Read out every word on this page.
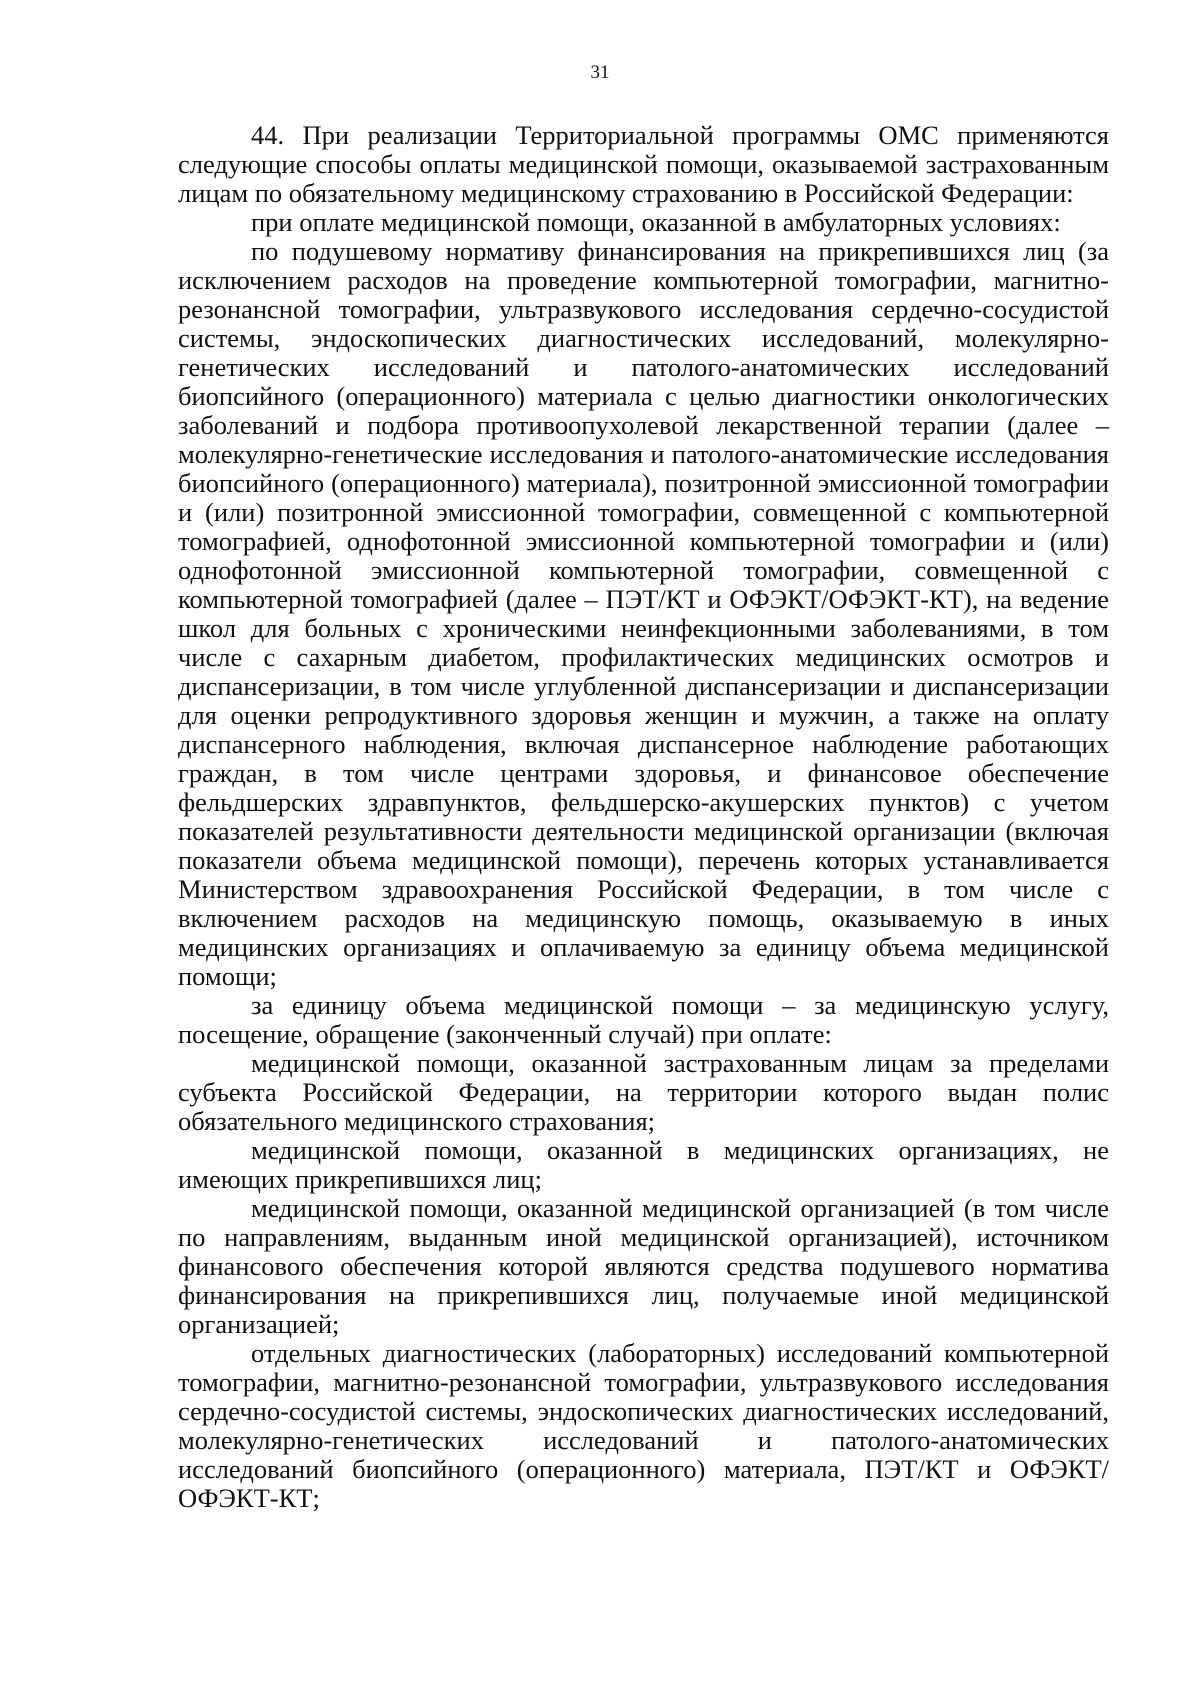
31

44. При реализации Территориальной программы ОМС применяются следующие способы оплаты медицинской помощи, оказываемой застрахованным лицам по обязательному медицинскому страхованию в Российской Федерации:

при оплате медицинской помощи, оказанной в амбулаторных условиях:

по подушевому нормативу финансирования на прикрепившихся лиц (за исключением расходов на проведение компьютерной томографии, магнитно-резонансной томографии, ультразвукового исследования сердечно-сосудистой системы, эндоскопических диагностических исследований, молекулярно-генетических исследований и патолого-анатомических исследований биопсийного (операционного) материала с целью диагностики онкологических заболеваний и подбора противоопухолевой лекарственной терапии (далее – молекулярно-генетические исследования и патолого-анатомические исследования биопсийного (операционного) материала), позитронной эмиссионной томографии и (или) позитронной эмиссионной томографии, совмещенной с компьютерной томографией, однофотонной эмиссионной компьютерной томографии и (или) однофотонной эмиссионной компьютерной томографии, совмещенной с компьютерной томографией (далее – ПЭТ/КТ и ОФЭКТ/ОФЭКТ-КТ), на ведение школ для больных с хроническими неинфекционными заболеваниями, в том числе с сахарным диабетом, профилактических медицинских осмотров и диспансеризации, в том числе углубленной диспансеризации и диспансеризации для оценки репродуктивного здоровья женщин и мужчин, а также на оплату диспансерного наблюдения, включая диспансерное наблюдение работающих граждан, в том числе центрами здоровья, и финансовое обеспечение фельдшерских здравпунктов, фельдшерско-акушерских пунктов) с учетом показателей результативности деятельности медицинской организации (включая показатели объема медицинской помощи), перечень которых устанавливается Министерством здравоохранения Российской Федерации, в том числе с включением расходов на медицинскую помощь, оказываемую в иных медицинских организациях и оплачиваемую за единицу объема медицинской помощи;

за единицу объема медицинской помощи – за медицинскую услугу, посещение, обращение (законченный случай) при оплате:

медицинской помощи, оказанной застрахованным лицам за пределами субъекта Российской Федерации, на территории которого выдан полис обязательного медицинского страхования;

медицинской помощи, оказанной в медицинских организациях, не имеющих прикрепившихся лиц;

медицинской помощи, оказанной медицинской организацией (в том числе по направлениям, выданным иной медицинской организацией), источником финансового обеспечения которой являются средства подушевого норматива финансирования на прикрепившихся лиц, получаемые иной медицинской организацией;

отдельных диагностических (лабораторных) исследований компьютерной томографии, магнитно-резонансной томографии, ультразвукового исследования сердечно-сосудистой системы, эндоскопических диагностических исследований, молекулярно-генетических исследований и патолого-анатомических исследований биопсийного (операционного) материала, ПЭТ/КТ и ОФЭКТ/ОФЭКТ-КТ;
